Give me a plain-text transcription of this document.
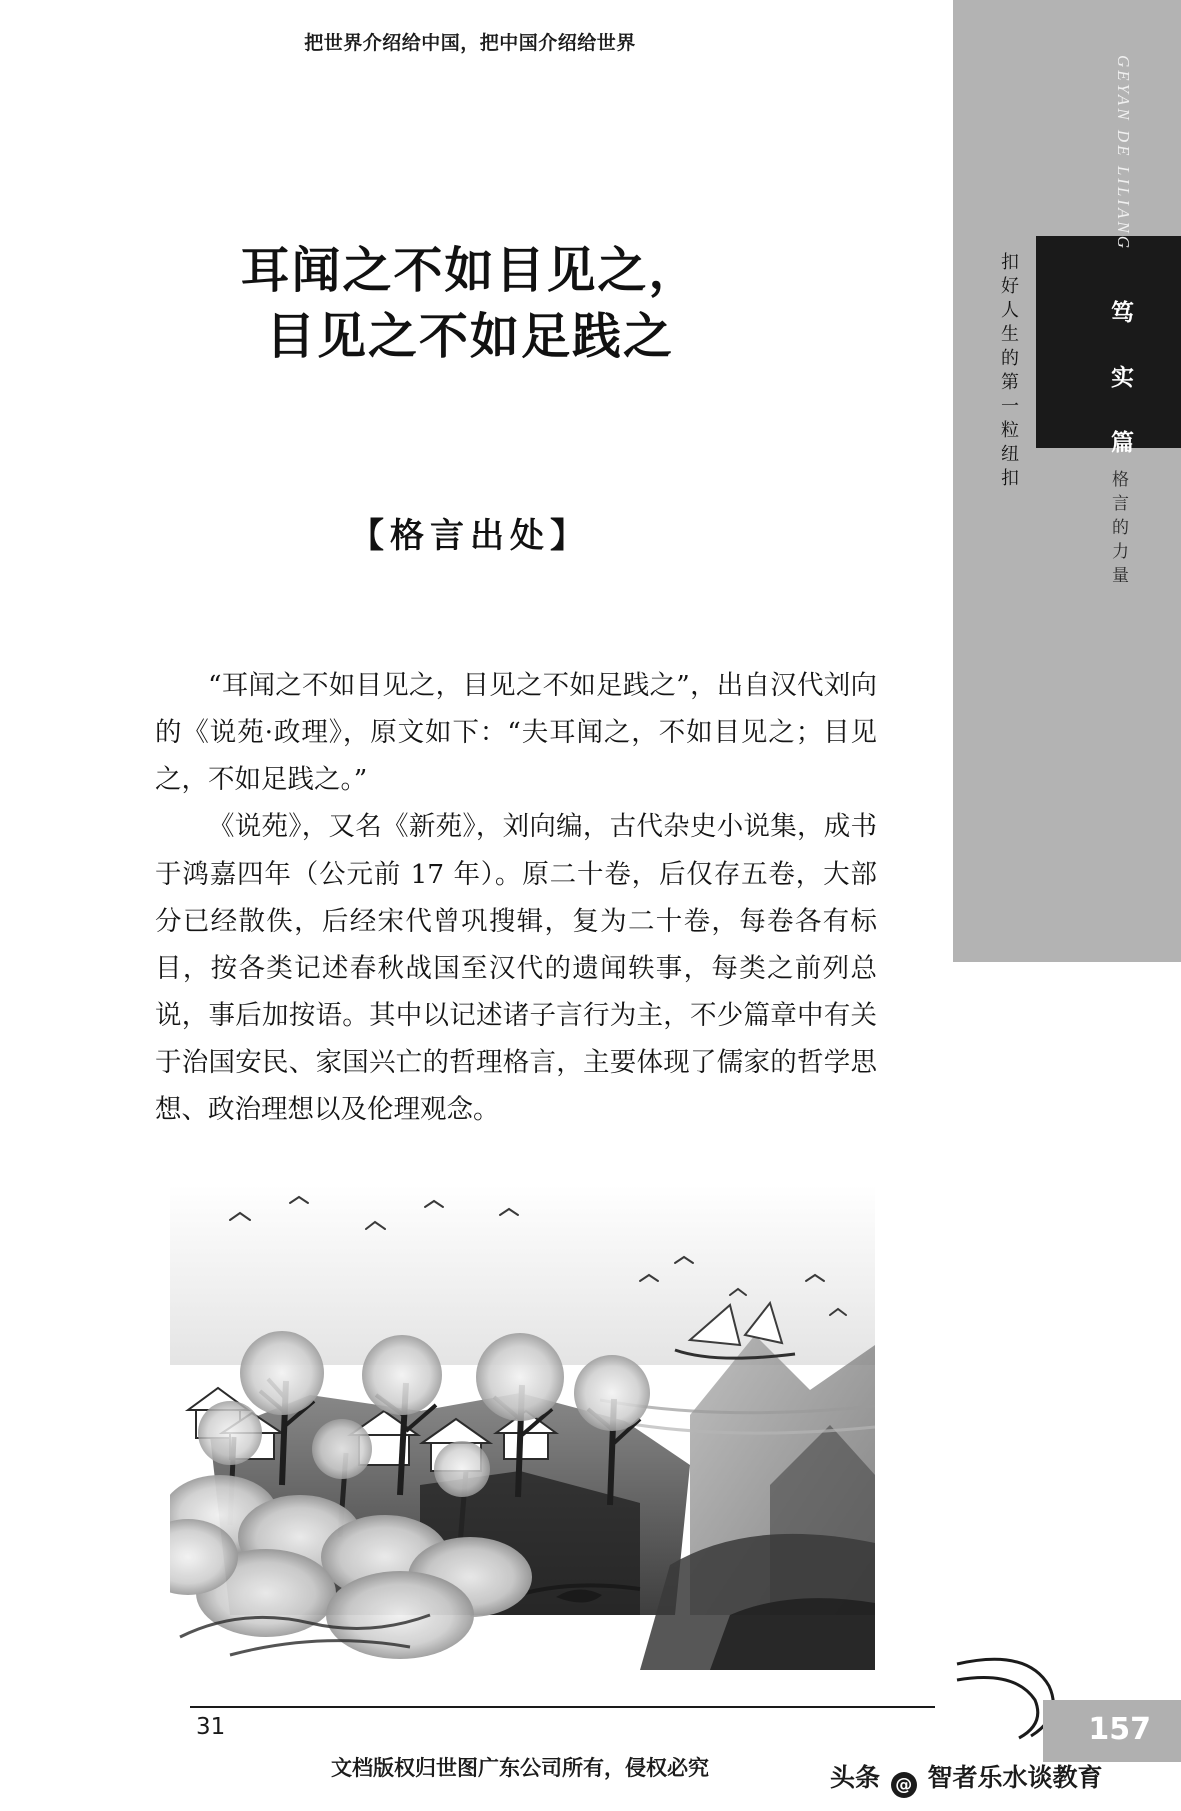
把世界介绍给中国，把中国介绍给世界
GEYAN DE LILIANG
扣好人生的第一粒纽扣	笃 实 篇
格言的力量
耳闻之不如目见之，
目见之不如足践之
【格言出处】

“耳闻之不如目见之，目见之不如足践之”，出自汉代刘向的《说苑·政理》，原文如下：“夫耳闻之，不如目见之；目见之，不如足践之。”

《说苑》，又名《新苑》，刘向编，古代杂史小说集，成书于鸿嘉四年（公元前 17 年）。原二十卷，后仅存五卷，大部分已经散佚，后经宋代曾巩搜辑，复为二十卷，每卷各有标目，按各类记述春秋战国至汉代的遗闻轶事，每类之前列总说，事后加按语。其中以记述诸子言行为主，不少篇章中有关于治国安民、家国兴亡的哲理格言，主要体现了儒家的哲学思想、政治理想以及伦理观念。

31	157
文档版权归世图广东公司所有，侵权必究	头条 @ 智者乐水谈教育
